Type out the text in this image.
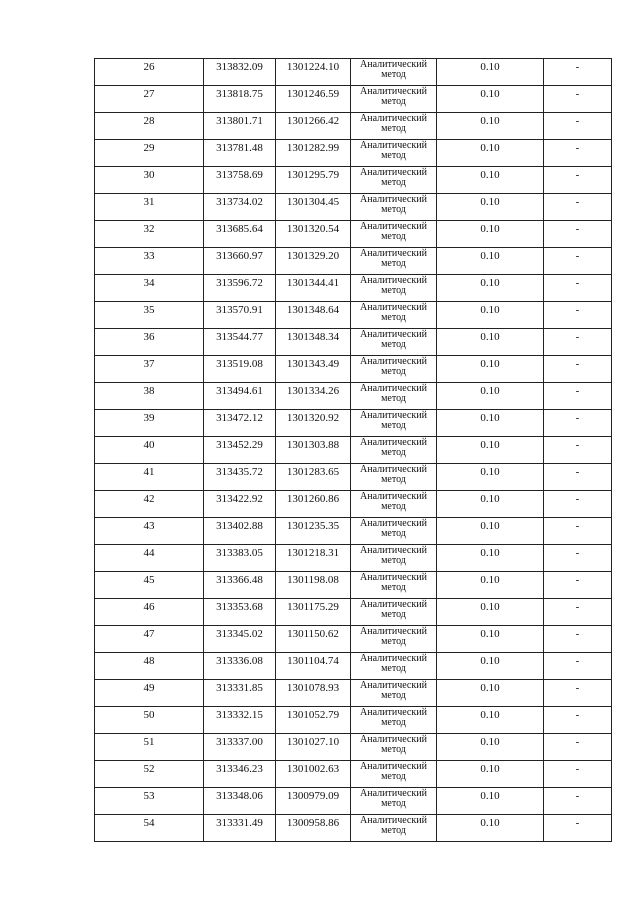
26	313832.09	1301224.10	Аналитический
метод	0.10	-
27	313818.75	1301246.59	Аналитический
метод	0.10	-
28	313801.71	1301266.42	Аналитический
метод	0.10	-
29	313781.48	1301282.99	Аналитический
метод	0.10	-
30	313758.69	1301295.79	Аналитический
метод	0.10	-
31	313734.02	1301304.45	Аналитический
метод	0.10	-
32	313685.64	1301320.54	Аналитический
метод	0.10	-
33	313660.97	1301329.20	Аналитический
метод	0.10	-
34	313596.72	1301344.41	Аналитический
метод	0.10	-
35	313570.91	1301348.64	Аналитический
метод	0.10	-
36	313544.77	1301348.34	Аналитический
метод	0.10	-
37	313519.08	1301343.49	Аналитический
метод	0.10	-
38	313494.61	1301334.26	Аналитический
метод	0.10	-
39	313472.12	1301320.92	Аналитический
метод	0.10	-
40	313452.29	1301303.88	Аналитический
метод	0.10	-
41	313435.72	1301283.65	Аналитический
метод	0.10	-
42	313422.92	1301260.86	Аналитический
метод	0.10	-
43	313402.88	1301235.35	Аналитический
метод	0.10	-
44	313383.05	1301218.31	Аналитический
метод	0.10	-
45	313366.48	1301198.08	Аналитический
метод	0.10	-
46	313353.68	1301175.29	Аналитический
метод	0.10	-
47	313345.02	1301150.62	Аналитический
метод	0.10	-
48	313336.08	1301104.74	Аналитический
метод	0.10	-
49	313331.85	1301078.93	Аналитический
метод	0.10	-
50	313332.15	1301052.79	Аналитический
метод	0.10	-
51	313337.00	1301027.10	Аналитический
метод	0.10	-
52	313346.23	1301002.63	Аналитический
метод	0.10	-
53	313348.06	1300979.09	Аналитический
метод	0.10	-
54	313331.49	1300958.86	Аналитический
метод	0.10	-
